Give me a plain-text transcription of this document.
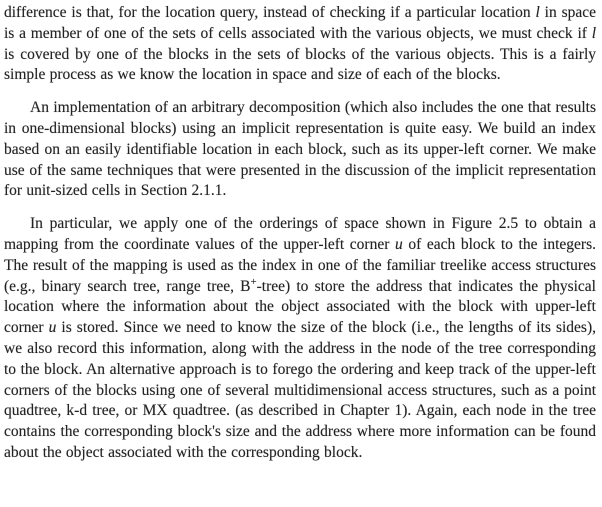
difference is that, for the location query, instead of checking if a particular location l in space is a member of one of the sets of cells associated with the various objects, we must check if l is covered by one of the blocks in the sets of blocks of the various objects. This is a fairly simple process as we know the location in space and size of each of the blocks.

An implementation of an arbitrary decomposition (which also includes the one that results in one-dimensional blocks) using an implicit representation is quite easy. We build an index based on an easily identifiable location in each block, such as its upper-left corner. We make use of the same techniques that were presented in the discussion of the implicit representation for unit-sized cells in Section 2.1.1.

In particular, we apply one of the orderings of space shown in Figure 2.5 to obtain a mapping from the coordinate values of the upper-left corner u of each block to the integers. The result of the mapping is used as the index in one of the familiar treelike access structures (e.g., binary search tree, range tree, B+-tree) to store the address that indicates the physical location where the information about the object associated with the block with upper-left corner u is stored. Since we need to know the size of the block (i.e., the lengths of its sides), we also record this information, along with the address in the node of the tree corresponding to the block. An alternative approach is to forego the ordering and keep track of the upper-left corners of the blocks using one of several multidimensional access structures, such as a point quadtree, k-d tree, or MX quadtree. (as described in Chapter 1). Again, each node in the tree contains the corresponding block's size and the address where more information can be found about the object associated with the corresponding block.
